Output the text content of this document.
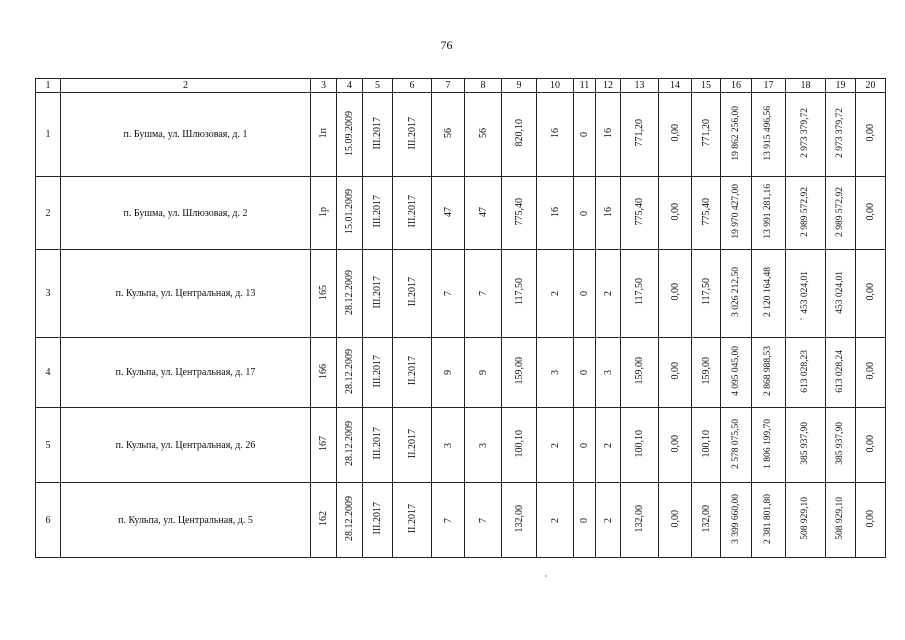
76
1	2	3	4	5	6	7	8	9	10	11	12	13	14	15	16	17	18	19	20
1	п. Бушма, ул. Шлюзовая, д. 1	1п	15.09.2009	III.2017	III.2017	56	56	820,10	16	0	16	771,20	0,00	771,20	19 862 256,00	13 915 496,56	2 973 379,72	2 973 379,72	0,00
2	п. Бушма, ул. Шлюзовая, д. 2	1р	15.01.2009	III.2017	III.2017	47	47	775,40	16	0	16	775,40	0,00	775,40	19 970 427,00	13 991 281,16	2 989 572,92	2 989 572,92	0,00
3	п. Кульпа, ул. Центральная, д. 13	165	28.12.2009	III.2017	II.2017	7	7	117,50	2	0	2	117,50	0,00	117,50	3 026 212,50	2 120 164,48	453 024,01	453 024,01	0,00
4	п. Кульпа, ул. Центральная, д. 17	166	28.12.2009	III.2017	II.2017	9	9	159,00	3	0	3	159,00	0,00	159,00	4 095 045,00	2 868 988,53	613 028,23	613 028,24	0,00
5	п. Кульпа, ул. Центральная, д. 26	167	28.12.2009	III.2017	II.2017	3	3	100,10	2	0	2	100,10	0,00	100,10	2 578 075,50	1 806 199,70	385 937,90	385 937,90	0,00
6	п. Кульпа, ул. Центральная, д. 5	162	28.12.2009	III.2017	II.2017	7	7	132,00	2	0	2	132,00	0,00	132,00	3 399 660,00	2 381 801,80	508 929,10	508 929,10	0,00
